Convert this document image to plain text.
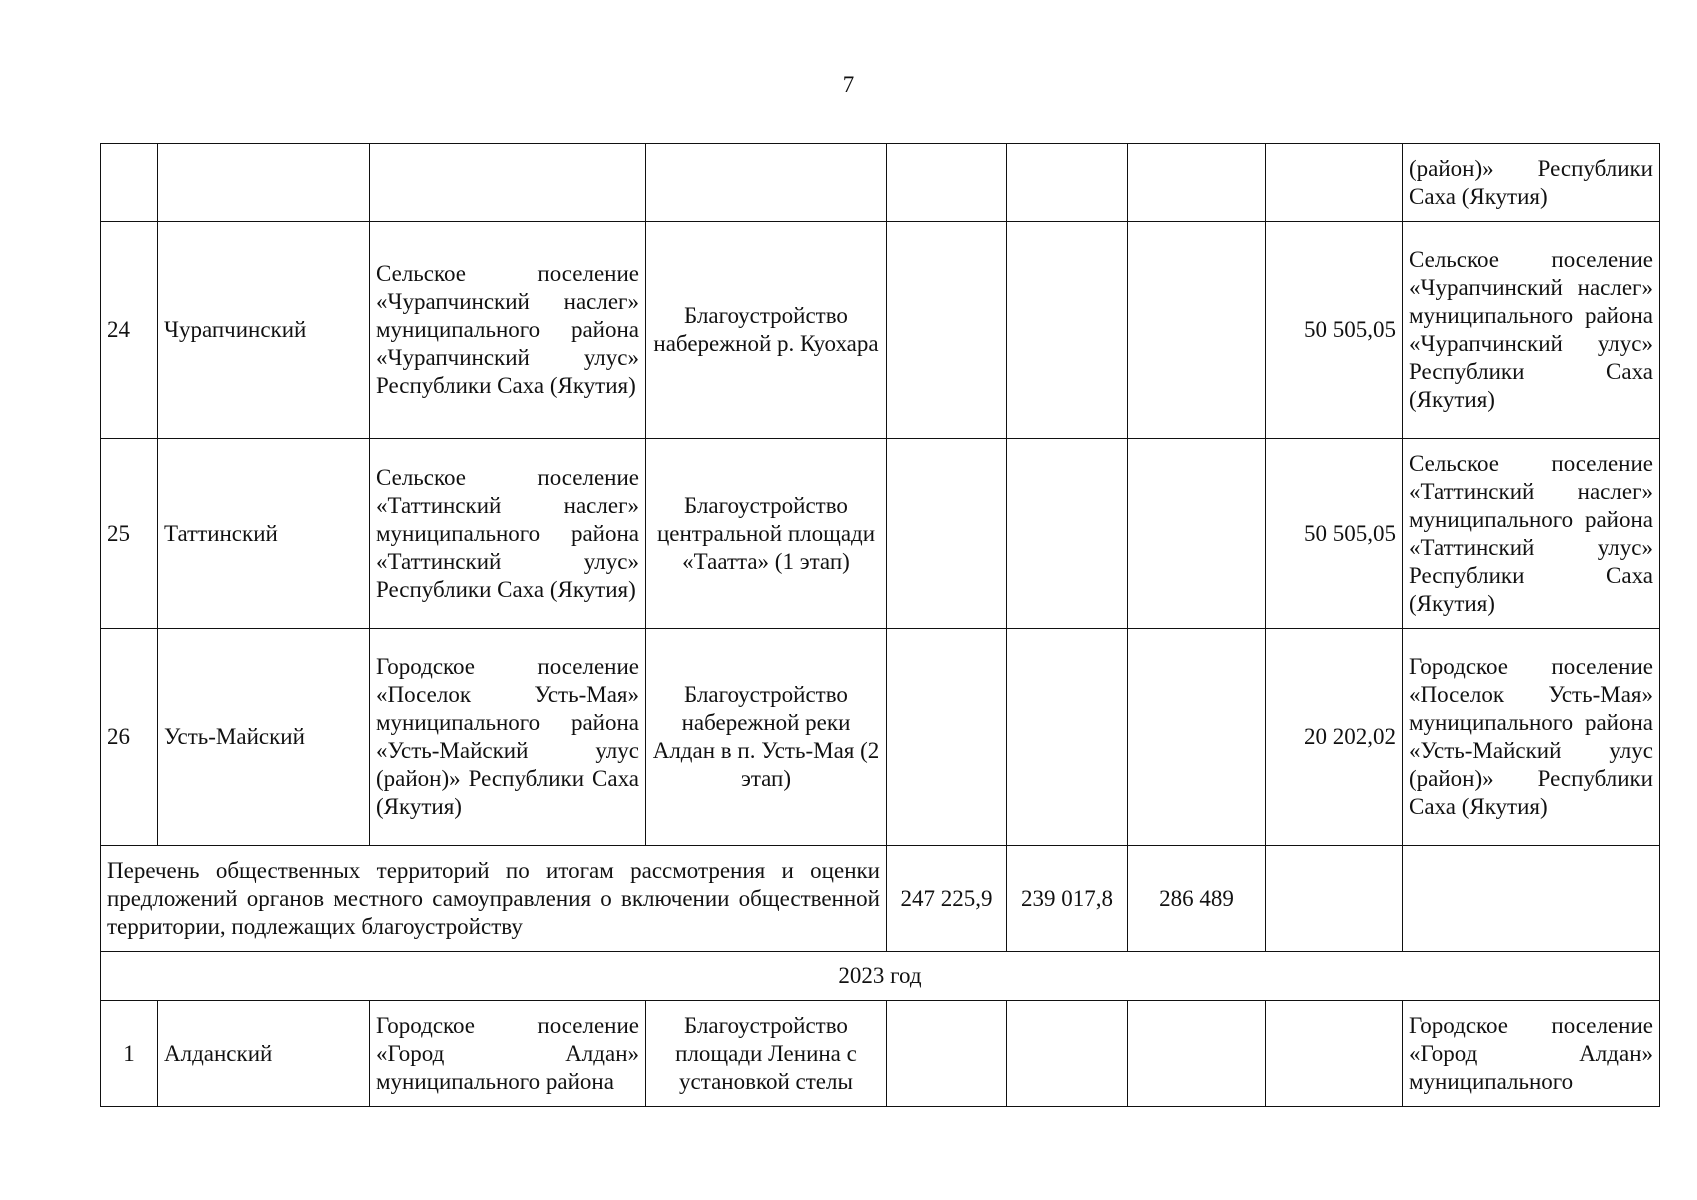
7
								(район)» Республики Саха (Якутия)
24	Чурапчинский	Сельское поселение «Чурапчинский наслег» муниципального района «Чурапчинский улус» Республики Саха (Якутия)	Благоустройство набережной р. Куохара				50 505,05	Сельское поселение «Чурапчинский наслег» муниципального района «Чурапчинский улус» Республики Саха (Якутия)
25	Таттинский	Сельское поселение «Таттинский наслег» муниципального района «Таттинский улус» Республики Саха (Якутия)	Благоустройство центральной площади «Таатта» (1 этап)				50 505,05	Сельское поселение «Таттинский наслег» муниципального района «Таттинский улус» Республики Саха (Якутия)
26	Усть-Майский	Городское поселение «Поселок Усть-Мая» муниципального района «Усть-Майский улус (район)» Республики Саха (Якутия)	Благоустройство набережной реки Алдан в п. Усть-Мая (2 этап)				20 202,02	Городское поселение «Поселок Усть-Мая» муниципального района «Усть-Майский улус (район)» Республики Саха (Якутия)
Перечень общественных территорий по итогам рассмотрения и оценки предложений органов местного самоуправления о включении общественной территории, подлежащих благоустройству				247 225,9	239 017,8	286 489		
2023 год								
1	Алданский	Городское поселение «Город Алдан» муниципального района	Благоустройство площади Ленина с установкой стелы					Городское поселение «Город Алдан» муниципального
